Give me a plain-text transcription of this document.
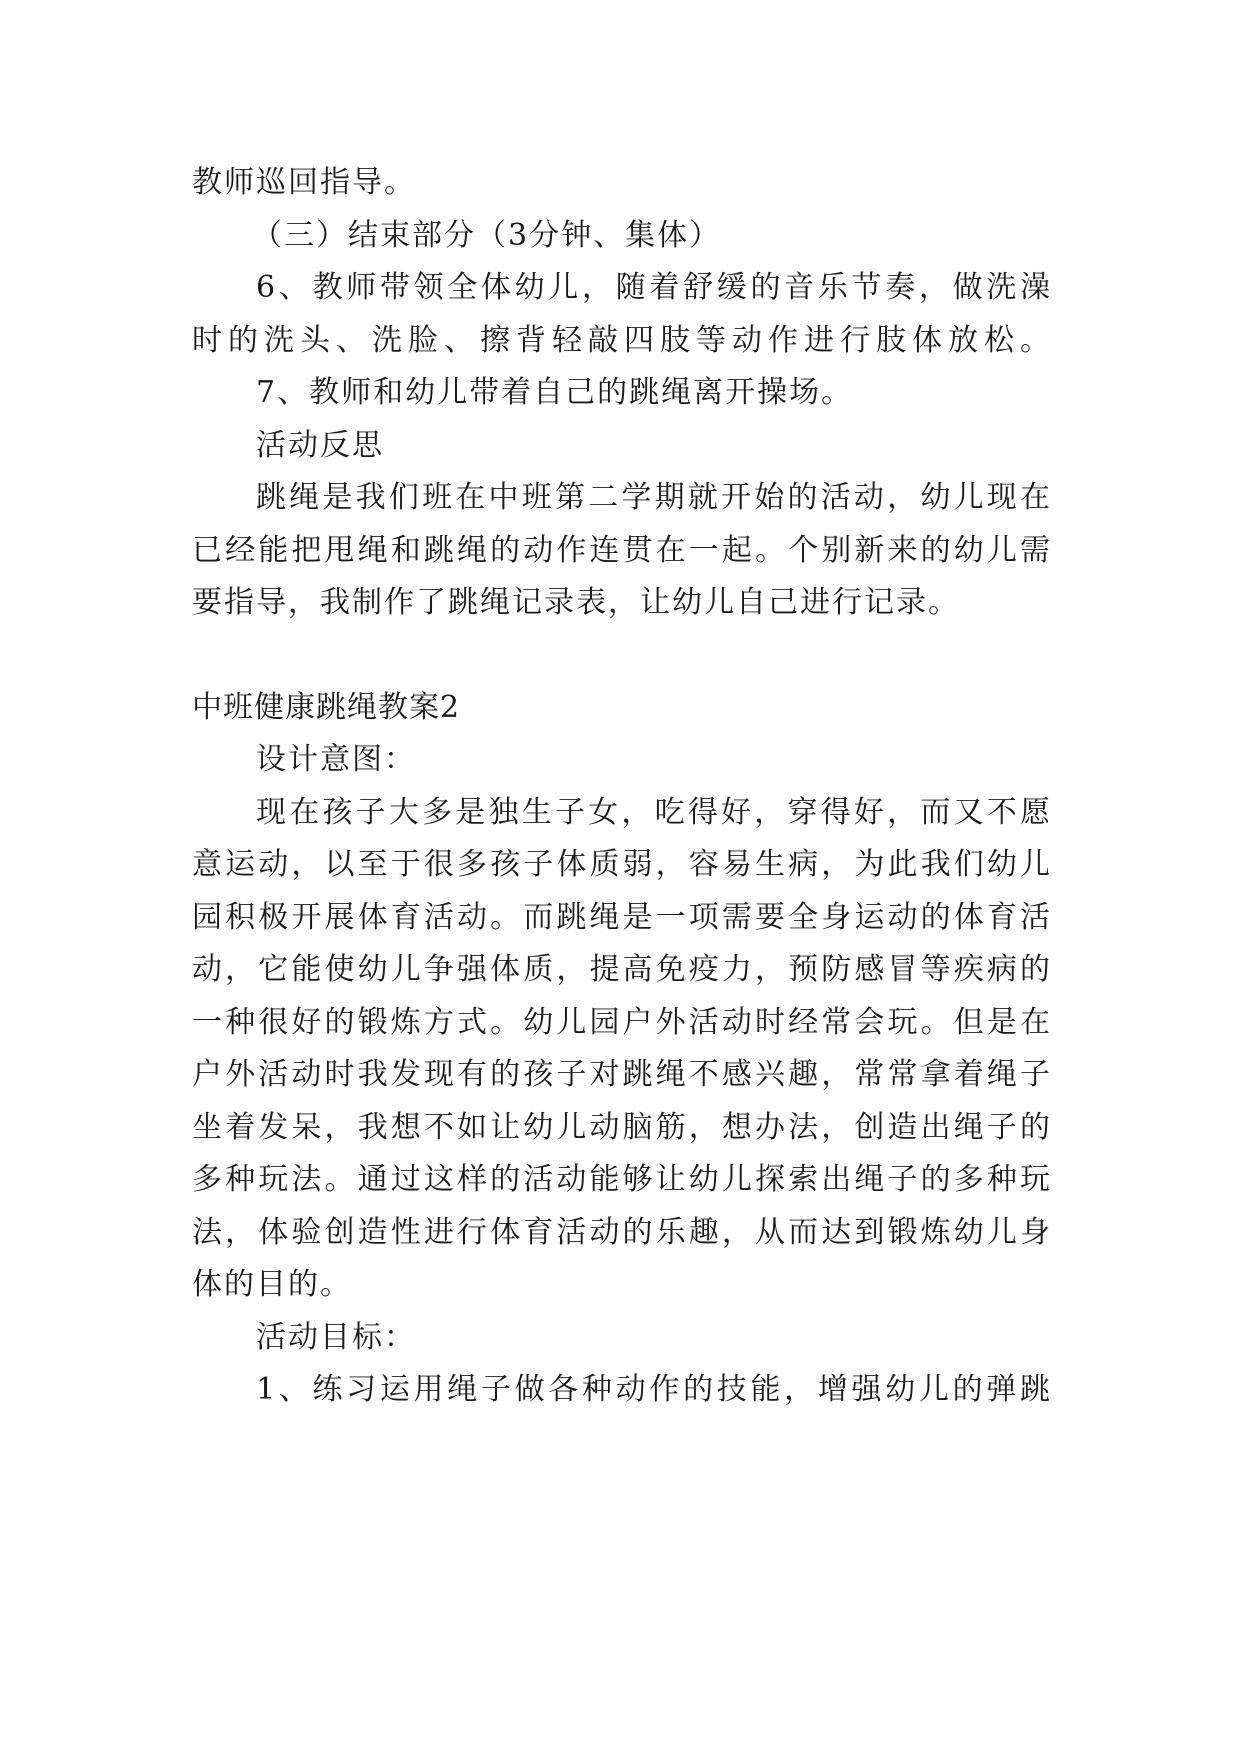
教师巡回指导。
（三）结束部分（3分钟、集体）
6、教师带领全体幼儿，随着舒缓的音乐节奏，做洗澡
时的洗头、洗脸、擦背轻敲四肢等动作进行肢体放松。
7、教师和幼儿带着自己的跳绳离开操场。
活动反思
跳绳是我们班在中班第二学期就开始的活动，幼儿现在
已经能把甩绳和跳绳的动作连贯在一起。个别新来的幼儿需
要指导，我制作了跳绳记录表，让幼儿自己进行记录。
中班健康跳绳教案2
设计意图：
现在孩子大多是独生子女，吃得好，穿得好，而又不愿
意运动，以至于很多孩子体质弱，容易生病，为此我们幼儿
园积极开展体育活动。而跳绳是一项需要全身运动的体育活
动，它能使幼儿争强体质，提高免疫力，预防感冒等疾病的
一种很好的锻炼方式。幼儿园户外活动时经常会玩。但是在
户外活动时我发现有的孩子对跳绳不感兴趣，常常拿着绳子
坐着发呆，我想不如让幼儿动脑筋，想办法，创造出绳子的
多种玩法。通过这样的活动能够让幼儿探索出绳子的多种玩
法，体验创造性进行体育活动的乐趣，从而达到锻炼幼儿身
体的目的。
活动目标：
1、练习运用绳子做各种动作的技能，增强幼儿的弹跳
